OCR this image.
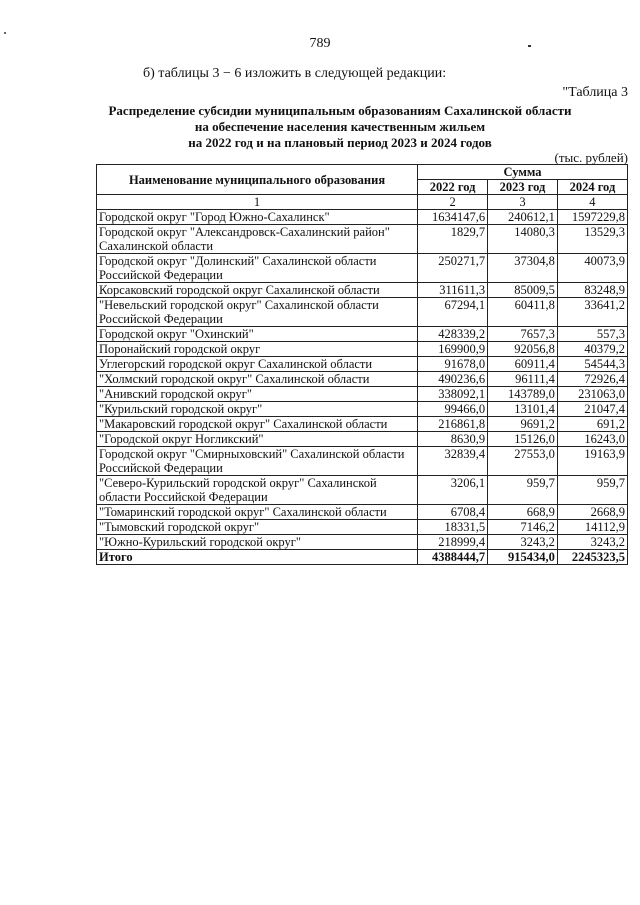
789
б) таблицы 3 − 6 изложить в следующей редакции:
"Таблица 3
Распределение субсидии муниципальным образованиям Сахалинской области
на обеспечение населения качественным жильем
на 2022 год и на плановый период 2023 и 2024 годов
(тыс. рублей)
Наименование муниципального образования	Сумма		
	2022 год	2023 год	2024 год
1	2	3	4
Городской округ "Город Южно-Сахалинск"	1634147,6	240612,1	1597229,8
Городской округ "Александровск-Сахалинский район" Сахалинской области	1829,7	14080,3	13529,3
Городской округ "Долинский" Сахалинской области Российской Федерации	250271,7	37304,8	40073,9
Корсаковский городской округ Сахалинской области	311611,3	85009,5	83248,9
"Невельский городской округ" Сахалинской области Российской Федерации	67294,1	60411,8	33641,2
Городской округ "Охинский"	428339,2	7657,3	557,3
Поронайский городской округ	169900,9	92056,8	40379,2
Углегорский городской округ Сахалинской области	91678,0	60911,4	54544,3
"Холмский городской округ" Сахалинской области	490236,6	96111,4	72926,4
"Анивский городской округ"	338092,1	143789,0	231063,0
"Курильский городской округ"	99466,0	13101,4	21047,4
"Макаровский городской округ" Сахалинской области	216861,8	9691,2	691,2
"Городской округ Ногликский"	8630,9	15126,0	16243,0
Городской округ "Смирныховский" Сахалинской области Российской Федерации	32839,4	27553,0	19163,9
"Северо-Курильский городской округ" Сахалинской области Российской Федерации	3206,1	959,7	959,7
"Томаринский городской округ" Сахалинской области	6708,4	668,9	2668,9
"Тымовский городской округ"	18331,5	7146,2	14112,9
"Южно-Курильский городской округ"	218999,4	3243,2	3243,2
Итого	4388444,7	915434,0	2245323,5
